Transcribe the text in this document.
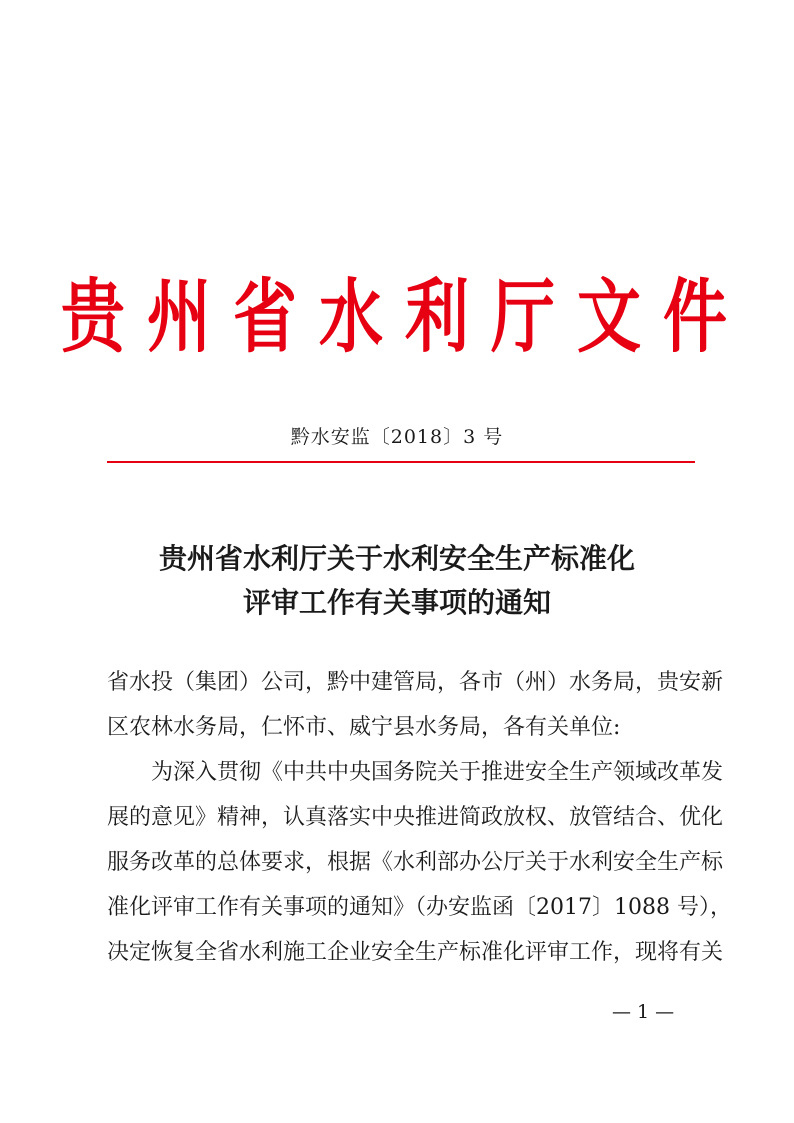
贵州省水利厅文件
黔水安监〔2018〕3 号
贵州省水利厅关于水利安全生产标准化
评审工作有关事项的通知
省水投（集团）公司，黔中建管局，各市（州）水务局，贵安新
区农林水务局，仁怀市、威宁县水务局，各有关单位:
为深入贯彻《中共中央国务院关于推进安全生产领域改革发
展的意见》精神，认真落实中央推进简政放权、放管结合、优化
服务改革的总体要求，根据《水利部办公厅关于水利安全生产标
准化评审工作有关事项的通知》（办安监函〔2017〕1088 号），
决定恢复全省水利施工企业安全生产标准化评审工作，现将有关
— 1 —
